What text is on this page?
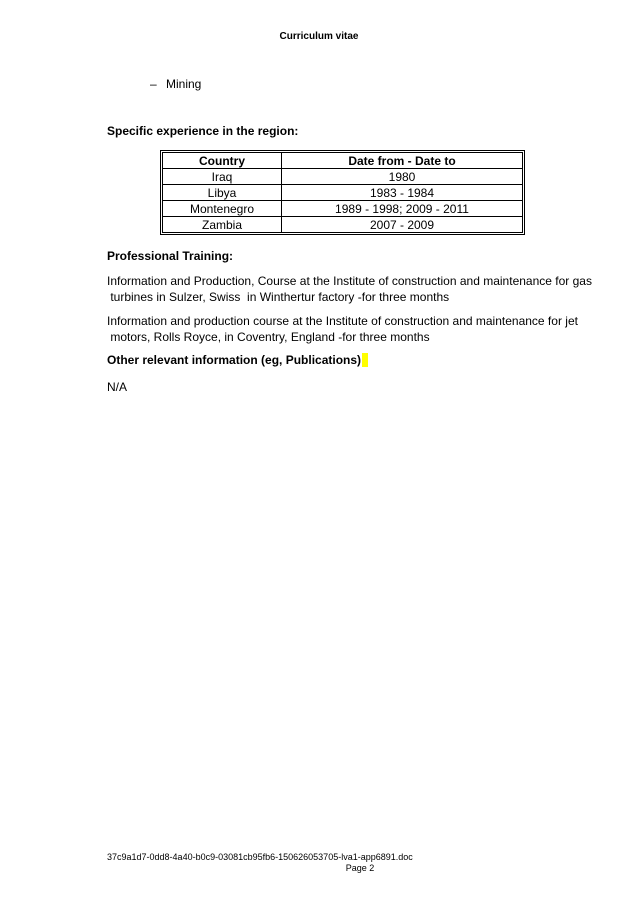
Curriculum vitae
– Mining
Specific experience in the region:
Country	Date from - Date to
Iraq	1980
Libya	1983 - 1984
Montenegro	1989 - 1998; 2009 - 2011
Zambia	2007 - 2009
Professional Training:
Information and Production, Course at the Institute of construction and maintenance for gas
turbines in Sulzer, Swiss  in Winthertur factory -for three months
Information and production course at the Institute of construction and maintenance for jet
motors, Rolls Royce, in Coventry, England -for three months
Other relevant information (eg, Publications)
N/A
37c9a1d7-0dd8-4a40-b0c9-03081cb95fb6-150626053705-lva1-app6891.doc
Page 2
